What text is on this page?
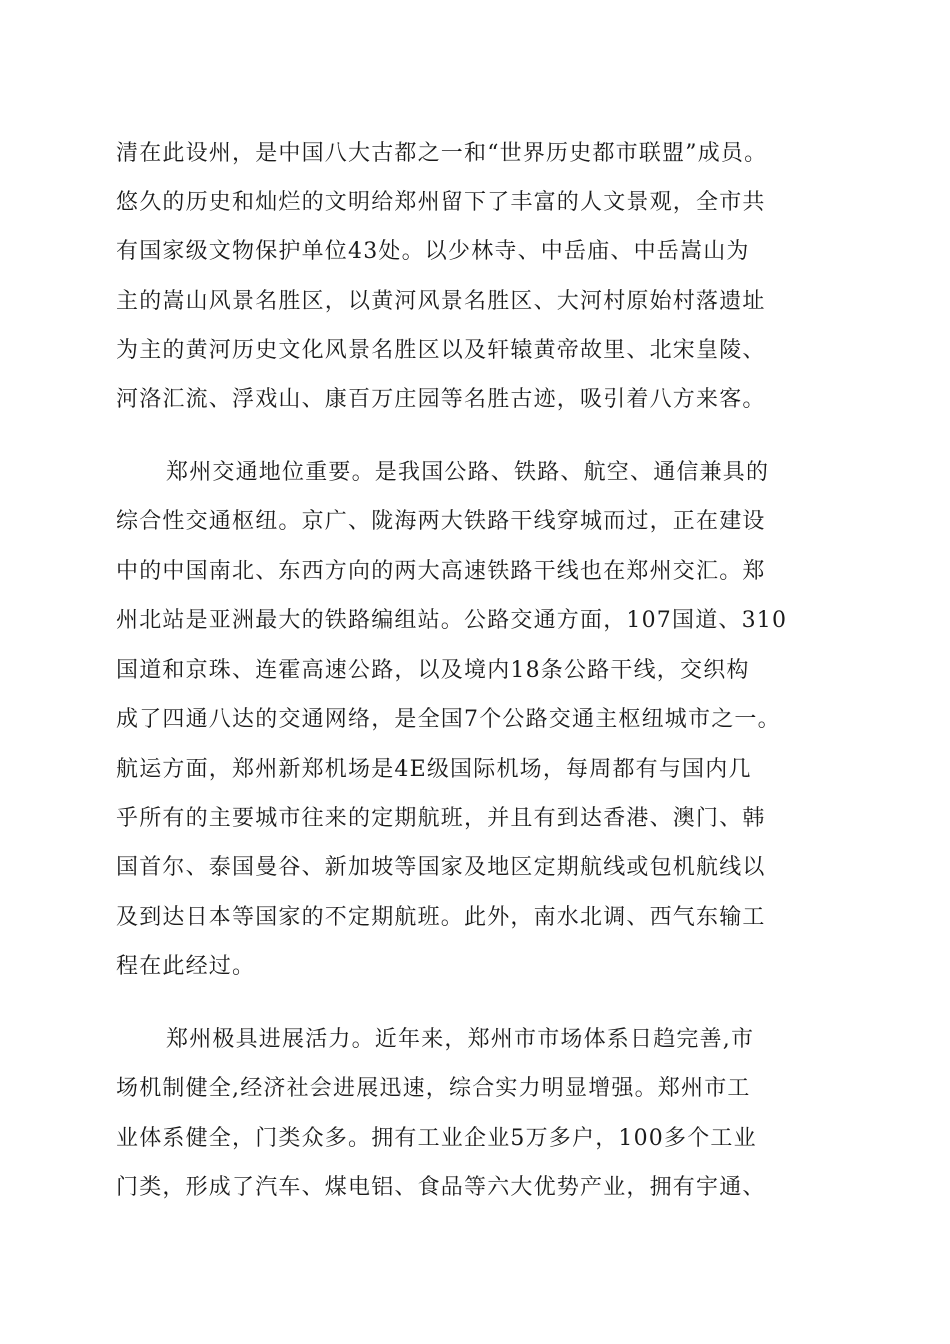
清在此设州，是中国八大古都之一和“世界历史都市联盟”成员。
悠久的历史和灿烂的文明给郑州留下了丰富的人文景观，全市共
有国家级文物保护单位43处。以少林寺、中岳庙、中岳嵩山为
主的嵩山风景名胜区，以黄河风景名胜区、大河村原始村落遗址
为主的黄河历史文化风景名胜区以及轩辕黄帝故里、北宋皇陵、
河洛汇流、浮戏山、康百万庄园等名胜古迹，吸引着八方来客。
郑州交通地位重要。是我国公路、铁路、航空、通信兼具的
综合性交通枢纽。京广、陇海两大铁路干线穿城而过，正在建设
中的中国南北、东西方向的两大高速铁路干线也在郑州交汇。郑
州北站是亚洲最大的铁路编组站。公路交通方面，107国道、310
国道和京珠、连霍高速公路，以及境内18条公路干线，交织构
成了四通八达的交通网络，是全国7个公路交通主枢纽城市之一。
航运方面，郑州新郑机场是4E级国际机场，每周都有与国内几
乎所有的主要城市往来的定期航班，并且有到达香港、澳门、韩
国首尔、泰国曼谷、新加坡等国家及地区定期航线或包机航线以
及到达日本等国家的不定期航班。此外，南水北调、西气东输工
程在此经过。
郑州极具进展活力。近年来，郑州市市场体系日趋完善,市
场机制健全,经济社会进展迅速，综合实力明显增强。郑州市工
业体系健全，门类众多。拥有工业企业5万多户，100多个工业
门类，形成了汽车、煤电铝、食品等六大优势产业，拥有宇通、
